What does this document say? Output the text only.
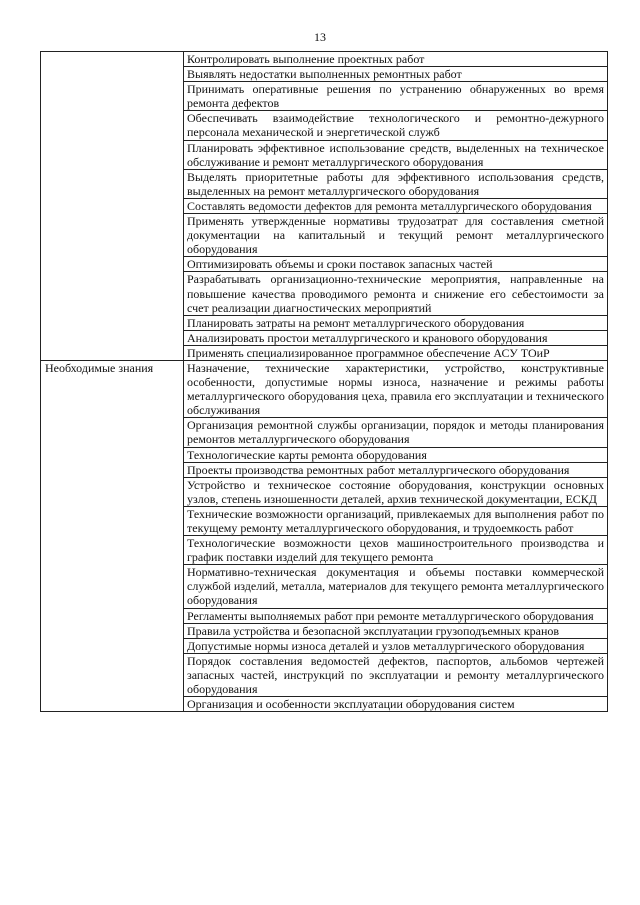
13
	Контролировать выполнение проектных работ
	Выявлять недостатки выполненных ремонтных работ
	Принимать оперативные решения по устранению обнаруженных во время ремонта дефектов
	Обеспечивать взаимодействие технологического и ремонтно-дежурного персонала механической и энергетической служб
	Планировать эффективное использование средств, выделенных на техническое обслуживание и ремонт металлургического оборудования
	Выделять приоритетные работы для эффективного использования средств, выделенных на ремонт металлургического оборудования
	Составлять ведомости дефектов для ремонта металлургического оборудования
	Применять утвержденные нормативы трудозатрат для составления сметной документации на капитальный и текущий ремонт металлургического оборудования
	Оптимизировать объемы и сроки поставок запасных частей
	Разрабатывать организационно-технические мероприятия, направленные на повышение качества проводимого ремонта и снижение его себестоимости за счет реализации диагностических мероприятий
	Планировать затраты на ремонт металлургического оборудования
	Анализировать простои металлургического и кранового оборудования
	Применять специализированное программное обеспечение АСУ ТОиР
Необходимые знания	Назначение, технические характеристики, устройство, конструктивные особенности, допустимые нормы износа, назначение и режимы работы металлургического оборудования цеха, правила его эксплуатации и технического обслуживания
	Организация ремонтной службы организации, порядок и методы планирования ремонтов металлургического оборудования
	Технологические карты ремонта оборудования
	Проекты производства ремонтных работ металлургического оборудования
	Устройство и техническое состояние оборудования, конструкции основных узлов, степень изношенности деталей, архив технической документации, ЕСКД
	Технические возможности организаций, привлекаемых для выполнения работ по текущему ремонту металлургического оборудования, и трудоемкость работ
	Технологические возможности цехов машиностроительного производства и график поставки изделий для текущего ремонта
	Нормативно-техническая документация и объемы поставки коммерческой службой изделий, металла, материалов для текущего ремонта металлургического оборудования
	Регламенты выполняемых работ при ремонте металлургического оборудования
	Правила устройства и безопасной эксплуатации грузоподъемных кранов
	Допустимые нормы износа деталей и узлов металлургического оборудования
	Порядок составления ведомостей дефектов, паспортов, альбомов чертежей запасных частей, инструкций по эксплуатации и ремонту металлургического оборудования
	Организация и особенности эксплуатации оборудования систем
